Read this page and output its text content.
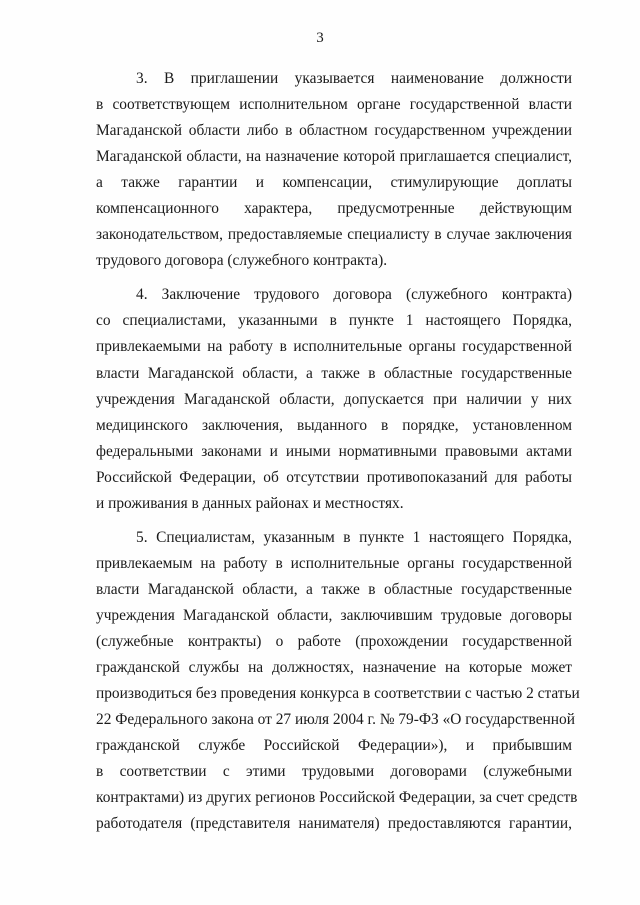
3
3. В приглашении указывается наименование должности
в соответствующем исполнительном органе государственной власти
Магаданской области либо в областном государственном учреждении
Магаданской области, на назначение которой приглашается специалист,
а также гарантии и компенсации, стимулирующие доплаты
компенсационного характера, предусмотренные действующим
законодательством, предоставляемые специалисту в случае заключения
трудового договора (служебного контракта).
4. Заключение трудового договора (служебного контракта)
со специалистами, указанными в пункте 1 настоящего Порядка,
привлекаемыми на работу в исполнительные органы государственной
власти Магаданской области, а также в областные государственные
учреждения Магаданской области, допускается при наличии у них
медицинского заключения, выданного в порядке, установленном
федеральными законами и иными нормативными правовыми актами
Российской Федерации, об отсутствии противопоказаний для работы
и проживания в данных районах и местностях.
5. Специалистам, указанным в пункте 1 настоящего Порядка,
привлекаемым на работу в исполнительные органы государственной
власти Магаданской области, а также в областные государственные
учреждения Магаданской области, заключившим трудовые договоры
(служебные контракты) о работе (прохождении государственной
гражданской службы на должностях, назначение на которые может
производиться без проведения конкурса в соответствии с частью 2 статьи
22 Федерального закона от 27 июля 2004 г. № 79-ФЗ «О государственной
гражданской службе Российской Федерации»), и прибывшим
в соответствии с этими трудовыми договорами (служебными
контрактами) из других регионов Российской Федерации, за счет средств
работодателя (представителя нанимателя) предоставляются гарантии,
